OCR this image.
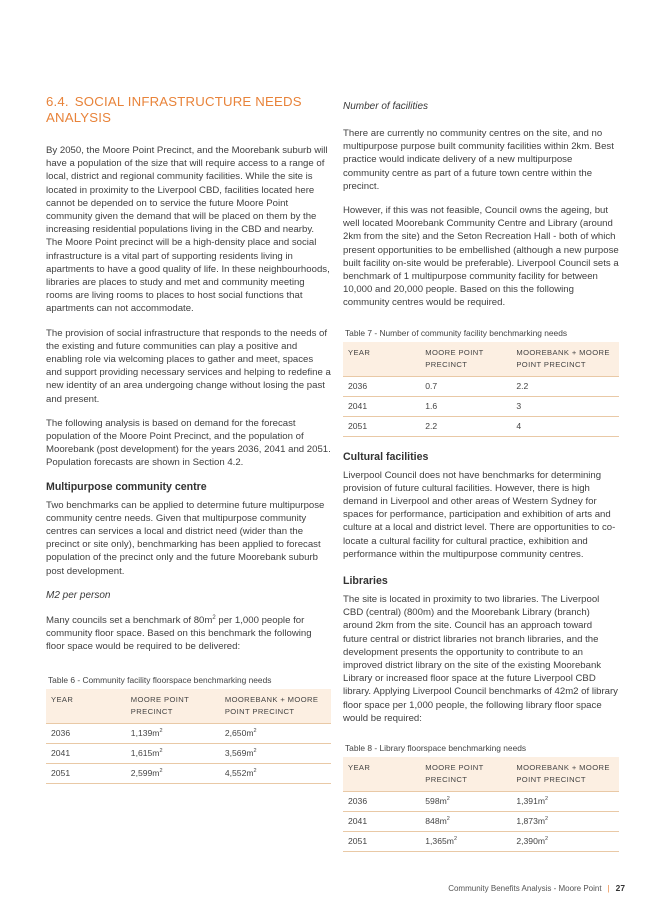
6.4. SOCIAL INFRASTRUCTURE NEEDS ANALYSIS

By 2050, the Moore Point Precinct, and the Moorebank suburb will have a population of the size that will require access to a range of local, district and regional community facilities. While the site is located in proximity to the Liverpool CBD, facilities located here cannot be depended on to service the future Moore Point community given the demand that will be placed on them by the increasing residential populations living in the CBD and nearby. The Moore Point precinct will be a high-density place and social infrastructure is a vital part of supporting residents living in apartments to have a good quality of life. In these neighbourhoods, libraries are places to study and met and community meeting rooms are living rooms to places to host social functions that apartments can not accommodate.

The provision of social infrastructure that responds to the needs of the existing and future communities can play a positive and enabling role via welcoming places to gather and meet, spaces and support providing necessary services and helping to redefine a new identity of an area undergoing change without losing the past and present.

The following analysis is based on demand for the forecast population of the Moore Point Precinct, and the population of Moorebank (post development) for the years 2036, 2041 and 2051. Population forecasts are shown in Section 4.2.

Multipurpose community centre

Two benchmarks can be applied to determine future multipurpose community centre needs. Given that multipurpose community centres can services a local and district need (wider than the precinct or site only), benchmarking has been applied to forecast population of the precinct only and the future Moorebank suburb post development.

M2 per person

Many councils set a benchmark of $80m^2$ per 1,000 people for community floor space. Based on this benchmark the following floor space would be required to be delivered:

Table 6 - Community facility floorspace benchmarking needs
YEAR	MOORE POINT PRECINCT	MOOREBANK + MOORE POINT PRECINCT
2036	$1,139m^2$	$2,650m^2$
2041	$1,615m^2$	$3,569m^2$
2051	$2,599m^2$	$4,552m^2$
Number of facilities

There are currently no community centres on the site, and no multipurpose purpose built community facilities within 2km. Best practice would indicate delivery of a new multipurpose community centre as part of a future town centre within the precinct.

However, if this was not feasible, Council owns the ageing, but well located Moorebank Community Centre and Library (around 2km from the site) and the Seton Recreation Hall - both of which present opportunities to be embellished (although a new purpose built facility on-site would be preferable). Liverpool Council sets a benchmark of 1 multipurpose community facility for between 10,000 and 20,000 people. Based on this the following community centres would be required.

Table 7 - Number of community facility benchmarking needs
YEAR	MOORE POINT PRECINCT	MOOREBANK + MOORE POINT PRECINCT
2036	0.7	2.2
2041	1.6	3
2051	2.2	4
Cultural facilities

Liverpool Council does not have benchmarks for determining provision of future cultural facilities. However, there is high demand in Liverpool and other areas of Western Sydney for spaces for performance, participation and exhibition of arts and culture at a local and district level. There are opportunities to co-locate a cultural facility for cultural practice, exhibition and performance within the multipurpose community centres.

Libraries

The site is located in proximity to two libraries. The Liverpool CBD (central) (800m) and the Moorebank Library (branch) around 2km from the site. Council has an approach toward future central or district libraries not branch libraries, and the development presents the opportunity to contribute to an improved district library on the site of the existing Moorebank Library or increased floor space at the future Liverpool CBD library. Applying Liverpool Council benchmarks of 42m2 of library floor space per 1,000 people, the following library floor space would be required:

Table 8 - Library floorspace benchmarking needs
YEAR	MOORE POINT PRECINCT	MOOREBANK + MOORE POINT PRECINCT
2036	$598m^2$	$1,391m^2$
2041	$848m^2$	$1,873m^2$
2051	$1,365m^2$	$2,390m^2$
Community Benefits Analysis - Moore Point | 27
